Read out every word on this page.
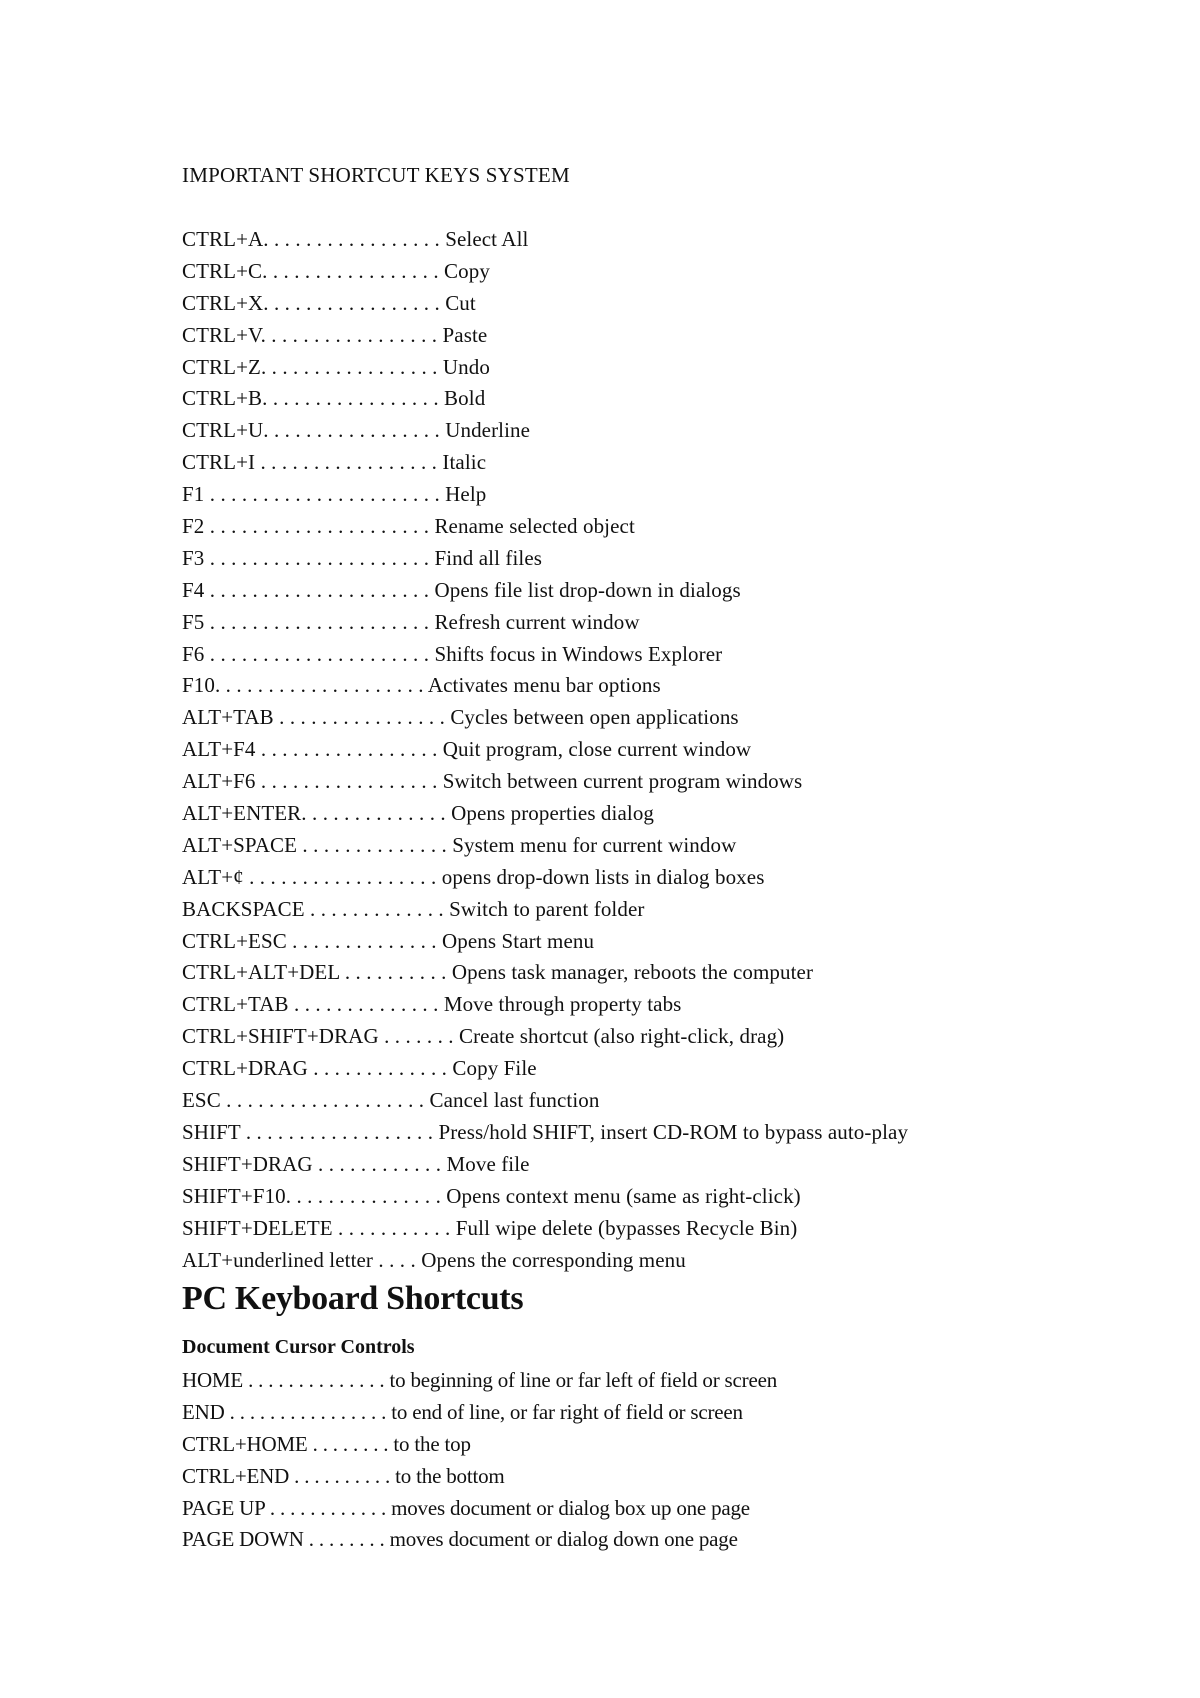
IMPORTANT SHORTCUT KEYS SYSTEM
CTRL+A. . . . . . . . . . . . . . . . . Select All
CTRL+C. . . . . . . . . . . . . . . . . Copy
CTRL+X. . . . . . . . . . . . . . . . . Cut
CTRL+V. . . . . . . . . . . . . . . . . Paste
CTRL+Z. . . . . . . . . . . . . . . . . Undo
CTRL+B. . . . . . . . . . . . . . . . . Bold
CTRL+U. . . . . . . . . . . . . . . . . Underline
CTRL+I . . . . . . . . . . . . . . . . . Italic
F1 . . . . . . . . . . . . . . . . . . . . . . Help
F2 . . . . . . . . . . . . . . . . . . . . . Rename selected object
F3 . . . . . . . . . . . . . . . . . . . . . Find all files
F4 . . . . . . . . . . . . . . . . . . . . . Opens file list drop-down in dialogs
F5 . . . . . . . . . . . . . . . . . . . . . Refresh current window
F6 . . . . . . . . . . . . . . . . . . . . . Shifts focus in Windows Explorer
F10. . . . . . . . . . . . . . . . . . . . Activates menu bar options
ALT+TAB . . . . . . . . . . . . . . . . Cycles between open applications
ALT+F4 . . . . . . . . . . . . . . . . . Quit program, close current window
ALT+F6 . . . . . . . . . . . . . . . . . Switch between current program windows
ALT+ENTER. . . . . . . . . . . . . . Opens properties dialog
ALT+SPACE . . . . . . . . . . . . . . System menu for current window
ALT+¢ . . . . . . . . . . . . . . . . . . opens drop-down lists in dialog boxes
BACKSPACE . . . . . . . . . . . . . Switch to parent folder
CTRL+ESC . . . . . . . . . . . . . . Opens Start menu
CTRL+ALT+DEL . . . . . . . . . . Opens task manager, reboots the computer
CTRL+TAB . . . . . . . . . . . . . . Move through property tabs
CTRL+SHIFT+DRAG . . . . . . . Create shortcut (also right-click, drag)
CTRL+DRAG . . . . . . . . . . . . . Copy File
ESC . . . . . . . . . . . . . . . . . . . Cancel last function
SHIFT . . . . . . . . . . . . . . . . . . Press/hold SHIFT, insert CD-ROM to bypass auto-play
SHIFT+DRAG . . . . . . . . . . . . Move file
SHIFT+F10. . . . . . . . . . . . . . . Opens context menu (same as right-click)
SHIFT+DELETE . . . . . . . . . . . Full wipe delete (bypasses Recycle Bin)
ALT+underlined letter . . . . Opens the corresponding menu
PC Keyboard Shortcuts
Document Cursor Controls
HOME . . . . . . . . . . . . . . to beginning of line or far left of field or screen
END . . . . . . . . . . . . . . . . to end of line, or far right of field or screen
CTRL+HOME . . . . . . . . to the top
CTRL+END . . . . . . . . . . to the bottom
PAGE UP . . . . . . . . . . . . moves document or dialog box up one page
PAGE DOWN . . . . . . . . moves document or dialog down one page
